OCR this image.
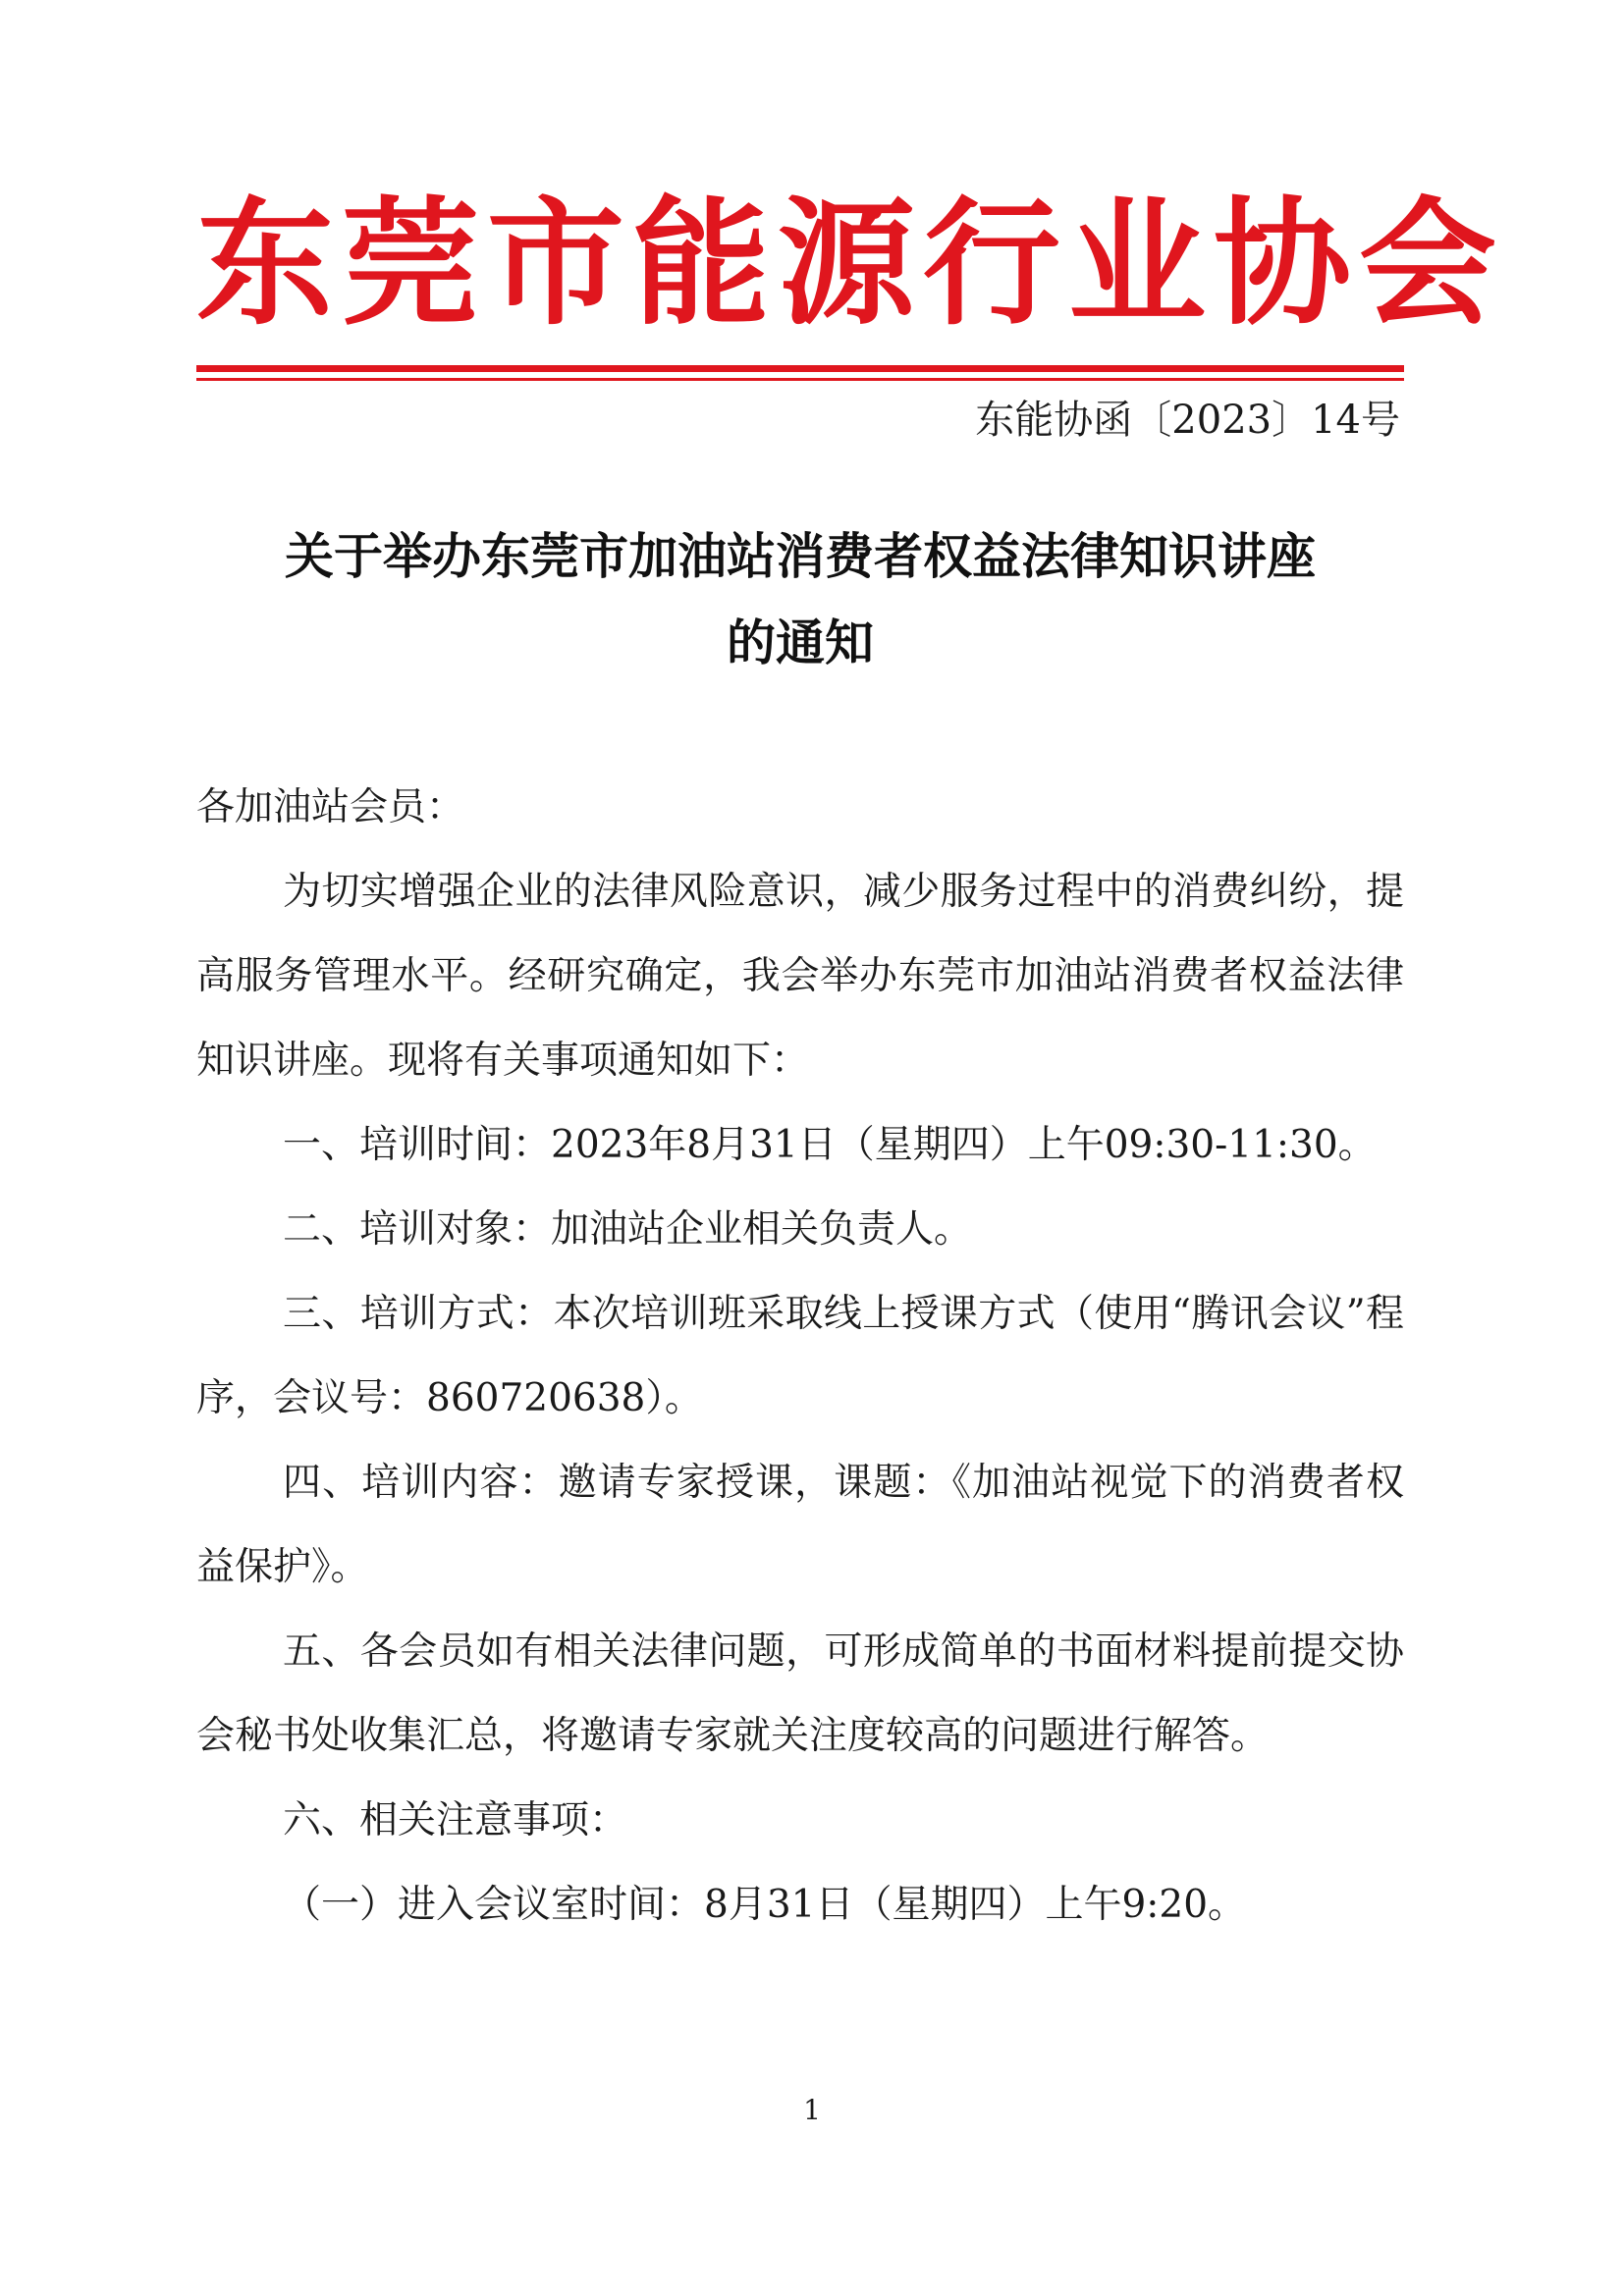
东莞市能源行业协会
东能协函〔2023〕14号
关于举办东莞市加油站消费者权益法律知识讲座
的通知

各加油站会员：

为切实增强企业的法律风险意识，减少服务过程中的消费纠纷，提高服务管理水平。经研究确定，我会举办东莞市加油站消费者权益法律知识讲座。现将有关事项通知如下：

一、培训时间：2023年8月31日（星期四）上午09:30-11:30。

二、培训对象：加油站企业相关负责人。

三、培训方式：本次培训班采取线上授课方式（使用“腾讯会议”程序，会议号：860720638）。

四、培训内容：邀请专家授课，课题：《加油站视觉下的消费者权益保护》。

五、各会员如有相关法律问题，可形成简单的书面材料提前提交协会秘书处收集汇总，将邀请专家就关注度较高的问题进行解答。

六、相关注意事项：

（一）进入会议室时间：8月31日（星期四）上午9:20。

1
